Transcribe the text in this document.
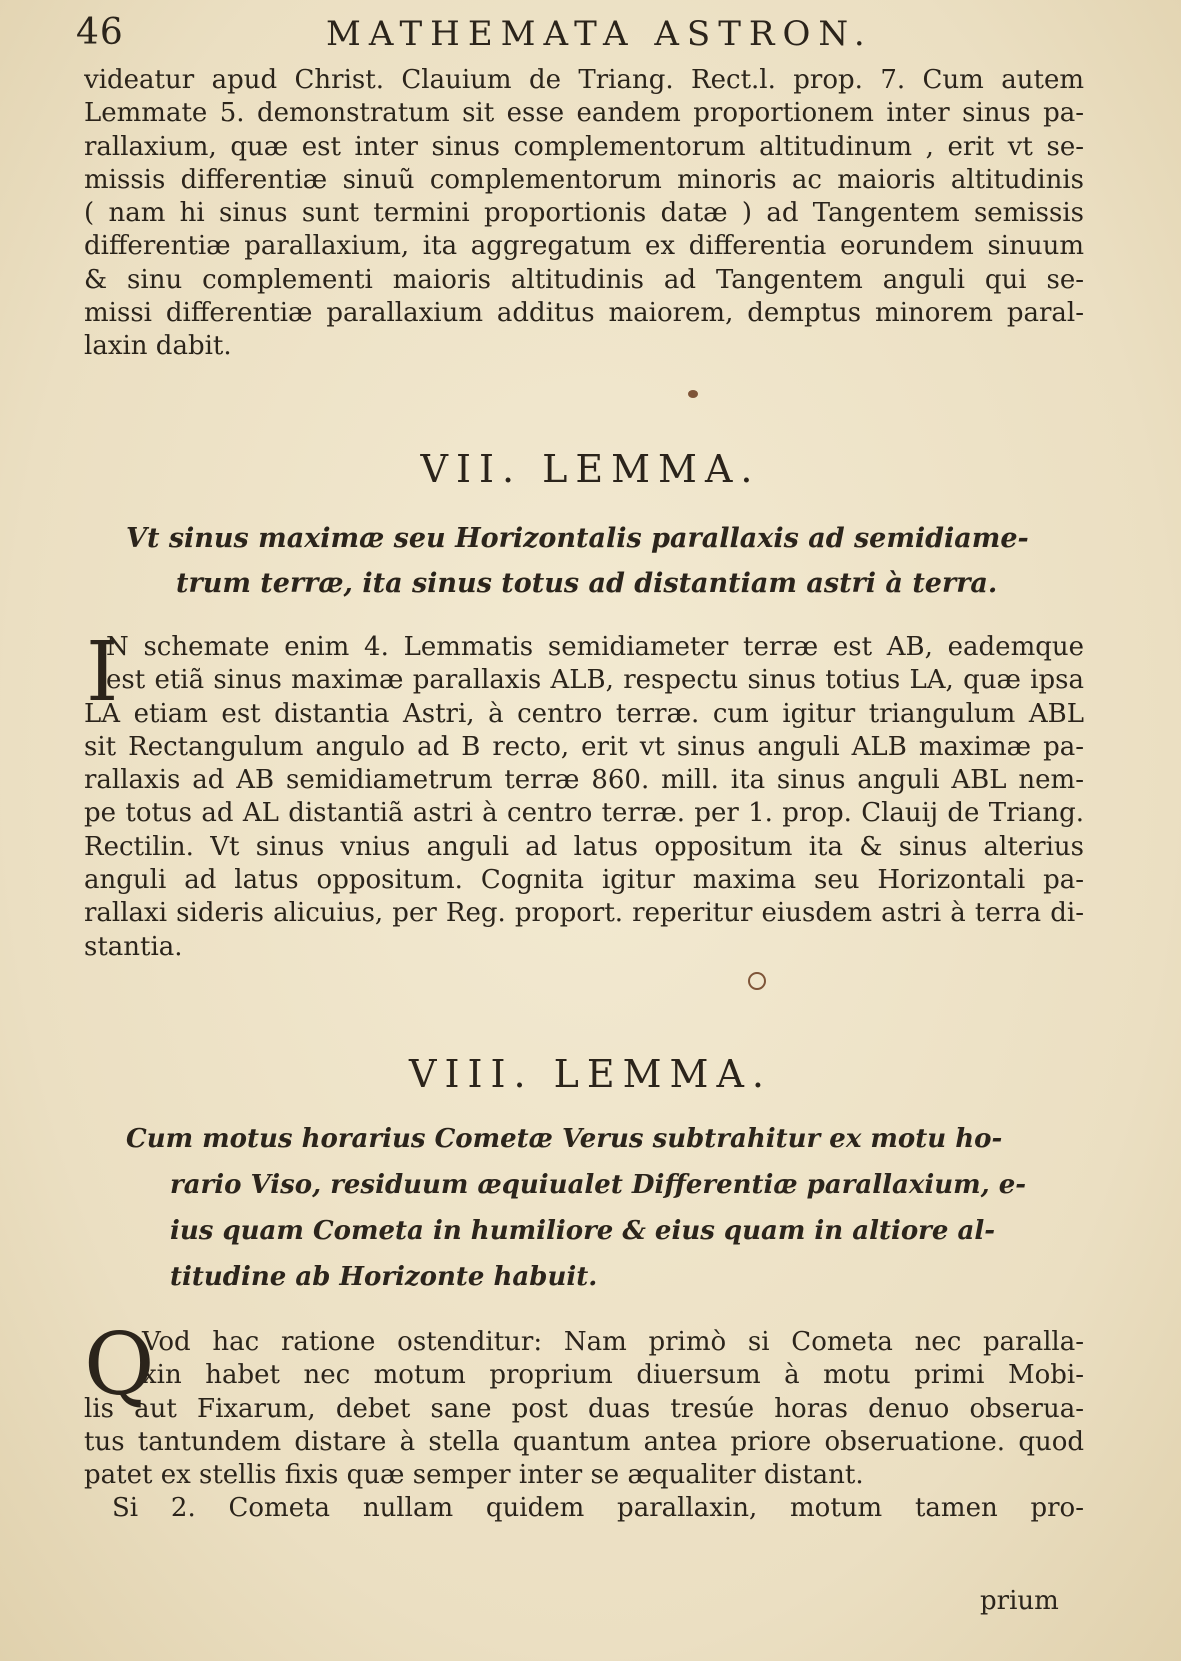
46	MATHEMATA ASTRON.
videatur apud Christ. Clauium de Triang. Rect.l. prop. 7. Cum autem
Lemmate 5. demonstratum sit esse eandem proportionem inter sinus pa-
rallaxium, quæ est inter sinus complementorum altitudinum , erit vt se-
missis differentiæ sinuũ complementorum minoris ac maioris altitudinis
( nam hi sinus sunt termini proportionis datæ ) ad Tangentem semissis
differentiæ parallaxium, ita aggregatum ex differentia eorundem sinuum
& sinu complementi maioris altitudinis ad Tangentem anguli qui se-
missi differentiæ parallaxium additus maiorem, demptus minorem paral-
laxin dabit.
VII. LEMMA.
Vt sinus maximæ seu Horizontalis parallaxis ad semidiame-
trum terræ, ita sinus totus ad distantiam astri à terra.
I
N schemate enim 4. Lemmatis semidiameter terræ est AB, eademque
est etiã sinus maximæ parallaxis ALB, respectu sinus totius LA, quæ ipsa
LA etiam est distantia Astri, à centro terræ. cum igitur triangulum ABL
sit Rectangulum angulo ad B recto, erit vt sinus anguli ALB maximæ pa-
rallaxis ad AB semidiametrum terræ 860. mill. ita sinus anguli ABL nem-
pe totus ad AL distantiã astri à centro terræ. per 1. prop. Clauij de Triang.
Rectilin. Vt sinus vnius anguli ad latus oppositum ita & sinus alterius
anguli ad latus oppositum. Cognita igitur maxima seu Horizontali pa-
rallaxi sideris alicuius, per Reg. proport. reperitur eiusdem astri à terra di-
stantia.
VIII. LEMMA.
Cum motus horarius Cometæ Verus subtrahitur ex motu ho-
rario Viso, residuum æquiualet Differentiæ parallaxium, e-
ius quam Cometa in humiliore & eius quam in altiore al-
titudine ab Horizonte habuit.
Q
Vod hac ratione ostenditur: Nam primò si Cometa nec paralla-
xin habet nec motum proprium diuersum à motu primi Mobi-
lis aut Fixarum, debet sane post duas tresúe horas denuo obseruа-
tus tantundem distare à stella quantum antea priore obseruatione. quod
patet ex stellis fixis quæ semper inter se æqualiter distant.
Si 2. Cometa nullam quidem parallaxin, motum tamen pro-
prium
